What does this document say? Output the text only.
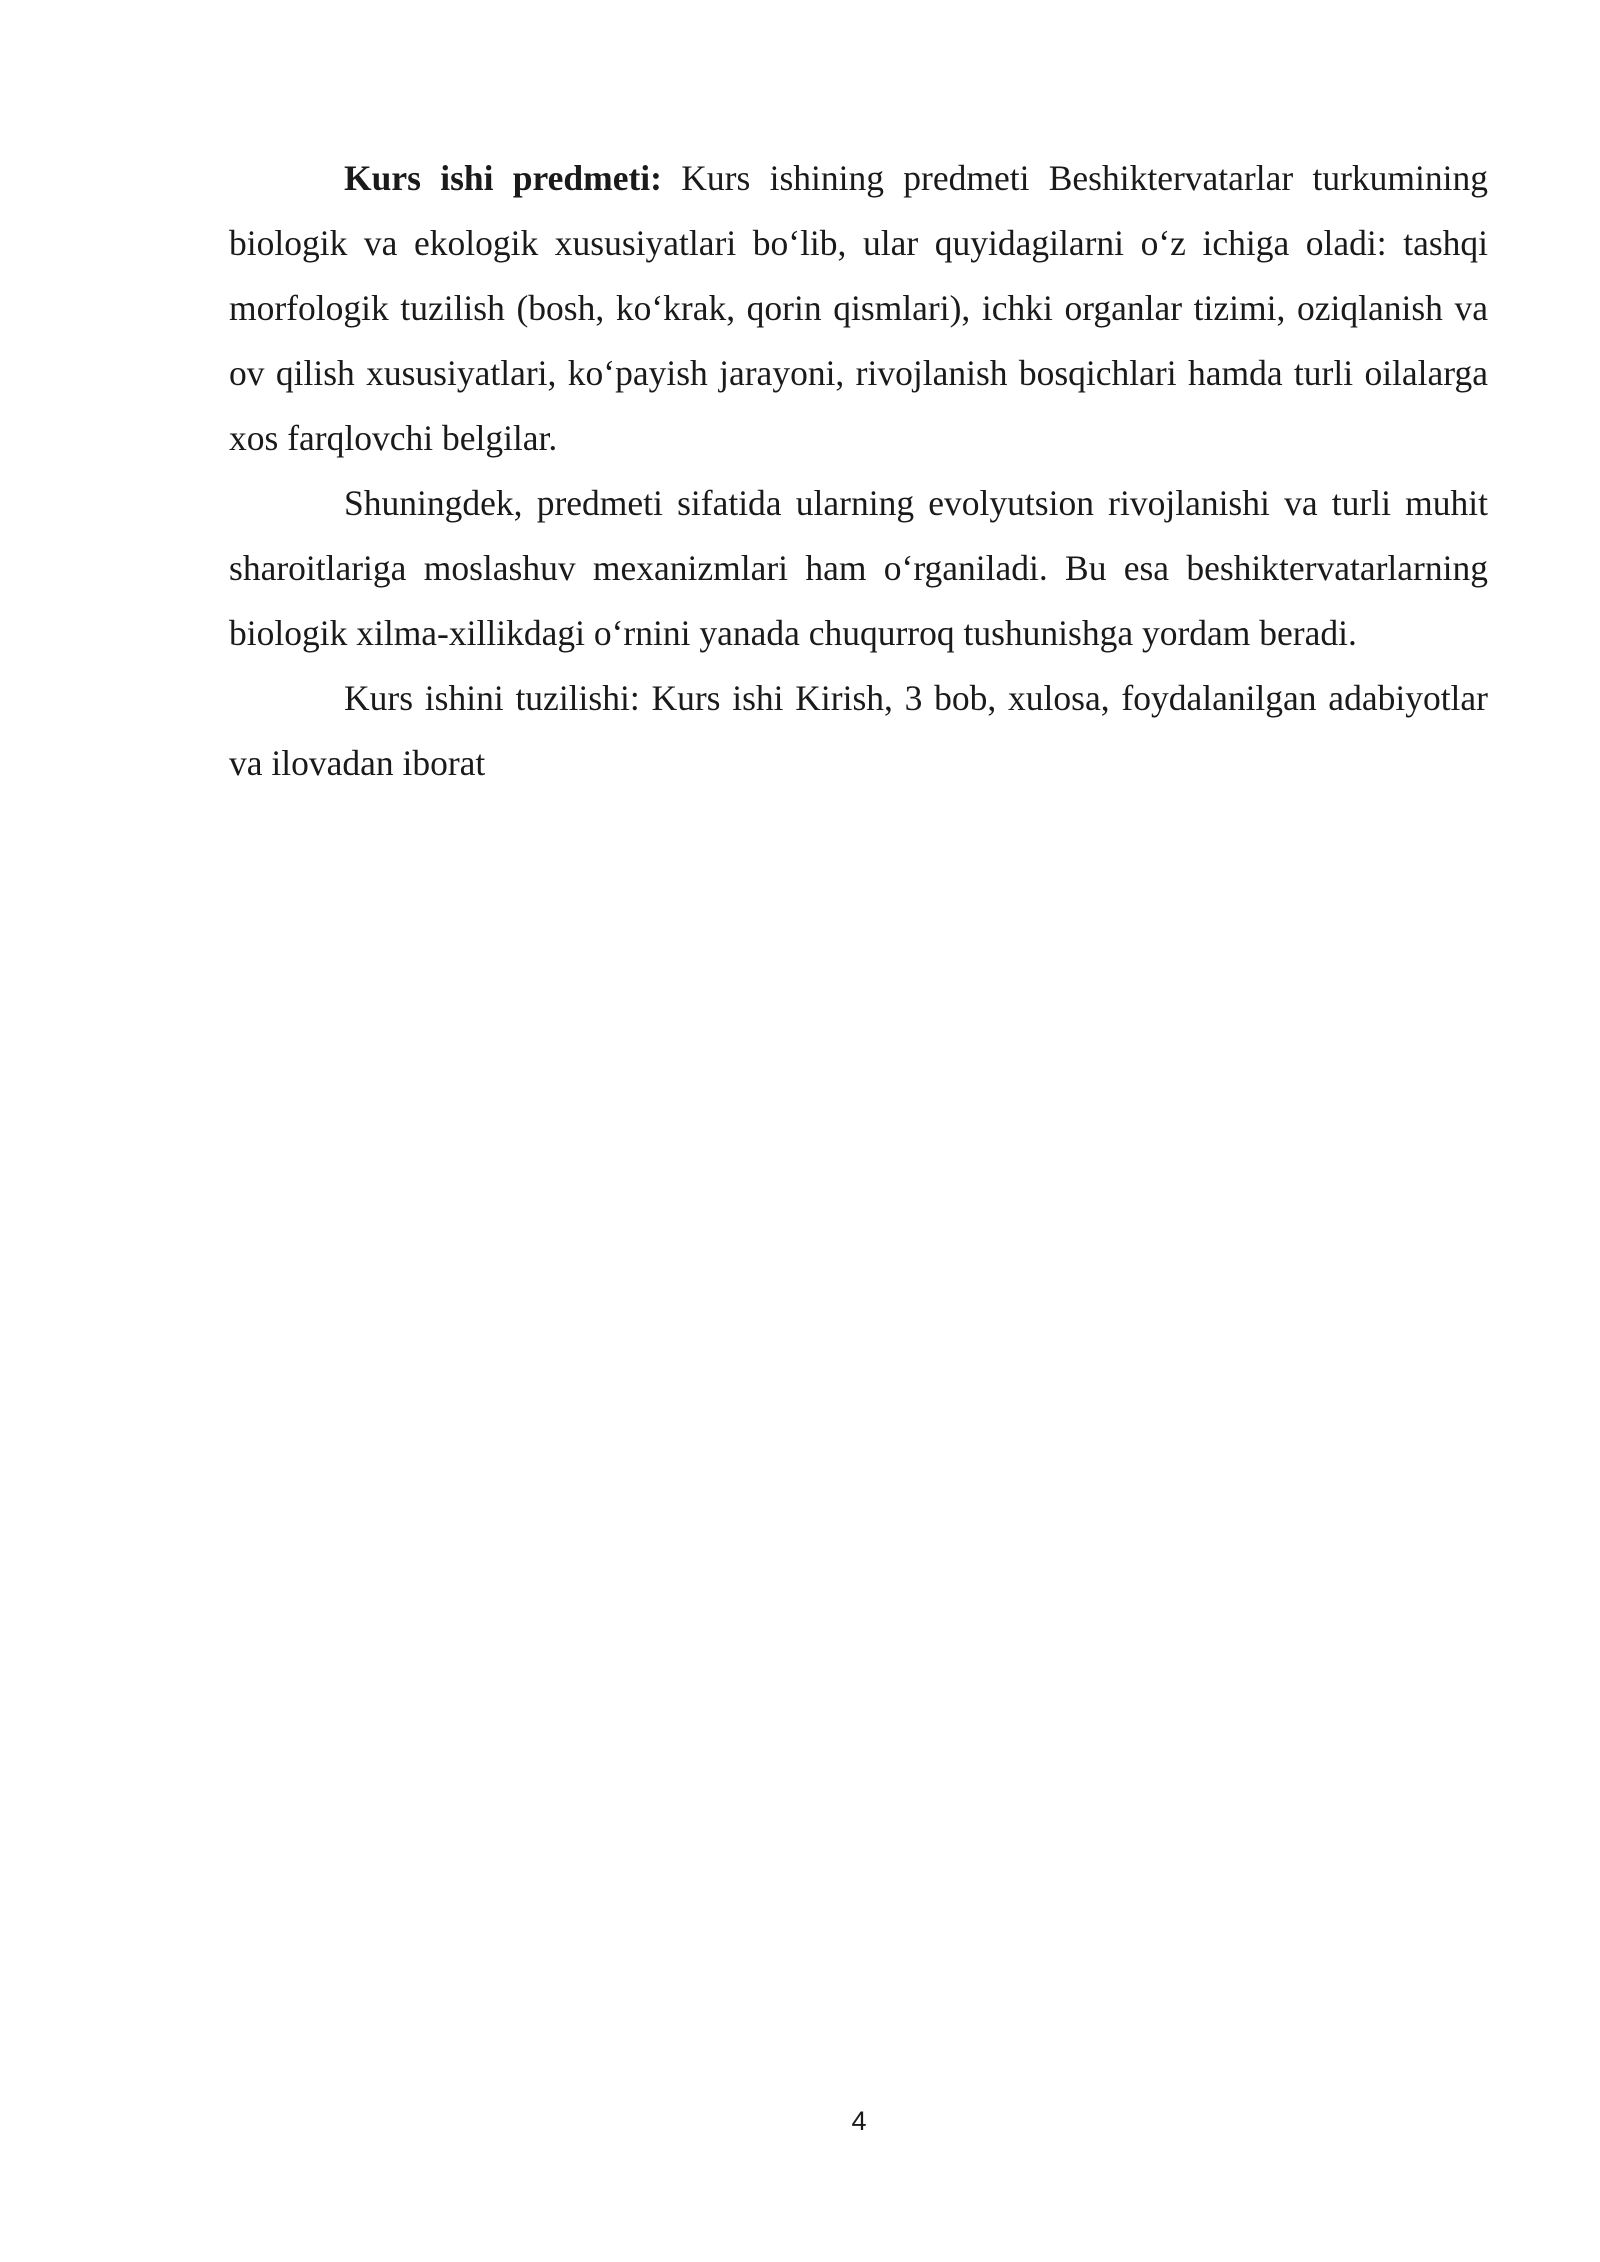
Kurs ishi predmeti: Kurs ishining predmeti Beshiktervatarlar turkumining biologik va ekologik xususiyatlari bo‘lib, ular quyidagilarni o‘z ichiga oladi: tashqi morfologik tuzilish (bosh, ko‘krak, qorin qismlari), ichki organlar tizimi, oziqlanish va ov qilish xususiyatlari, ko‘payish jarayoni, rivojlanish bosqichlari hamda turli oilalarga xos farqlovchi belgilar.

Shuningdek, predmeti sifatida ularning evolyutsion rivojlanishi va turli muhit sharoitlariga moslashuv mexanizmlari ham o‘rganiladi. Bu esa beshiktervatarlarning biologik xilma-xillikdagi o‘rnini yanada chuqurroq tushunishga yordam beradi.

Kurs ishini tuzilishi: Kurs ishi Kirish, 3 bob, xulosa, foydalanilgan adabiyotlar va ilovadan iborat

4
